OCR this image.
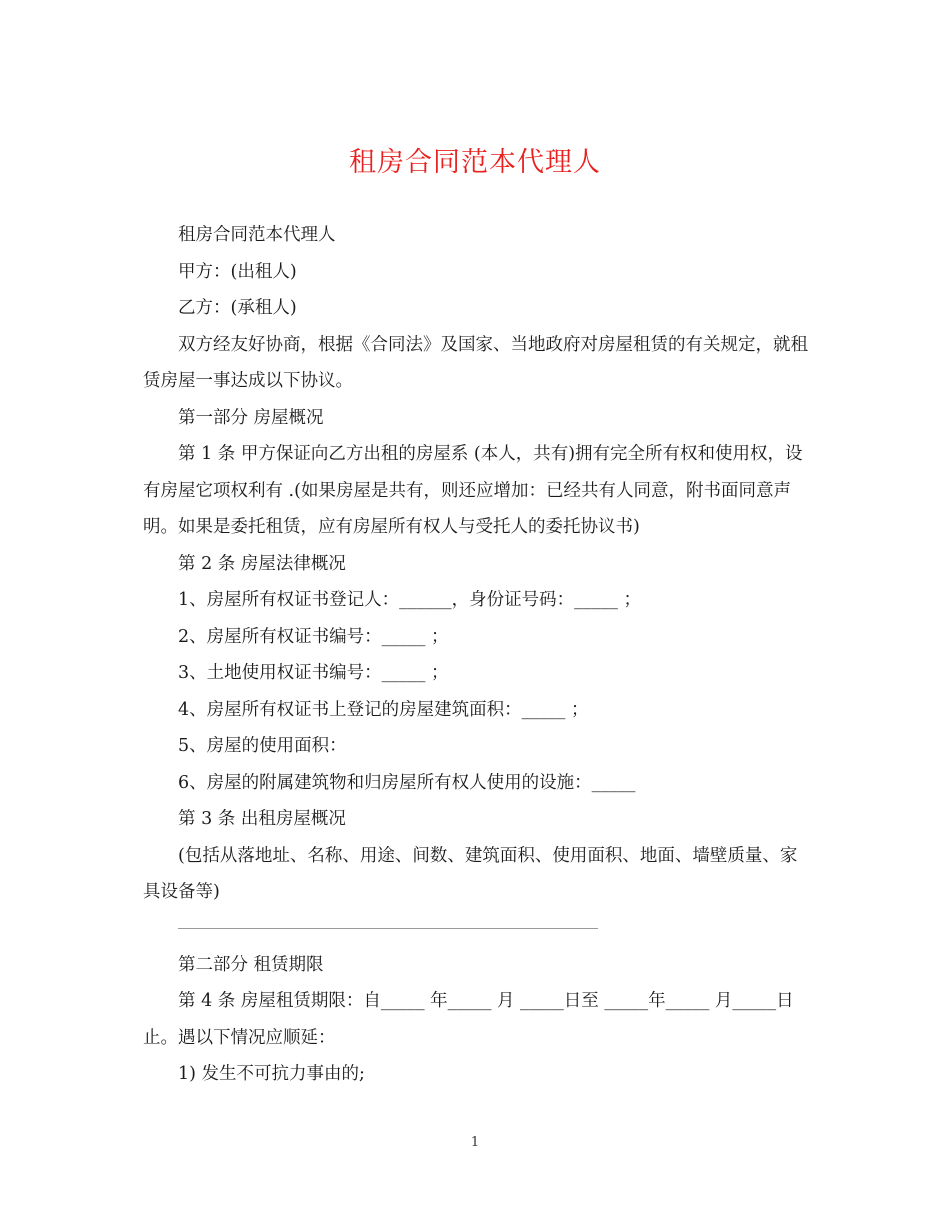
租房合同范本代理人

租房合同范本代理人

甲方：(出租人)

乙方：(承租人)

双方经友好协商，根据《合同法》及国家、当地政府对房屋租赁的有关规定，就租赁房屋一事达成以下协议。

第一部分 房屋概况

第 1 条 甲方保证向乙方出租的房屋系 (本人，共有)拥有完全所有权和使用权，设有房屋它项权利有 .(如果房屋是共有，则还应增加：已经共有人同意，附书面同意声明。如果是委托租赁，应有房屋所有权人与受托人的委托协议书)

第 2 条 房屋法律概况

1、房屋所有权证书登记人：______，身份证号码：_____ ；

2、房屋所有权证书编号：_____ ；

3、土地使用权证书编号：_____ ；

4、房屋所有权证书上登记的房屋建筑面积：_____ ；

5、房屋的使用面积：

6、房屋的附属建筑物和归房屋所有权人使用的设施：_____

第 3 条 出租房屋概况

(包括从落地址、名称、用途、间数、建筑面积、使用面积、地面、墙壁质量、家具设备等)

第二部分 租赁期限

第 4 条 房屋租赁期限：自_____ 年_____ 月 _____日至 _____年_____ 月_____日止。遇以下情况应顺延：

1) 发生不可抗力事由的;

1
